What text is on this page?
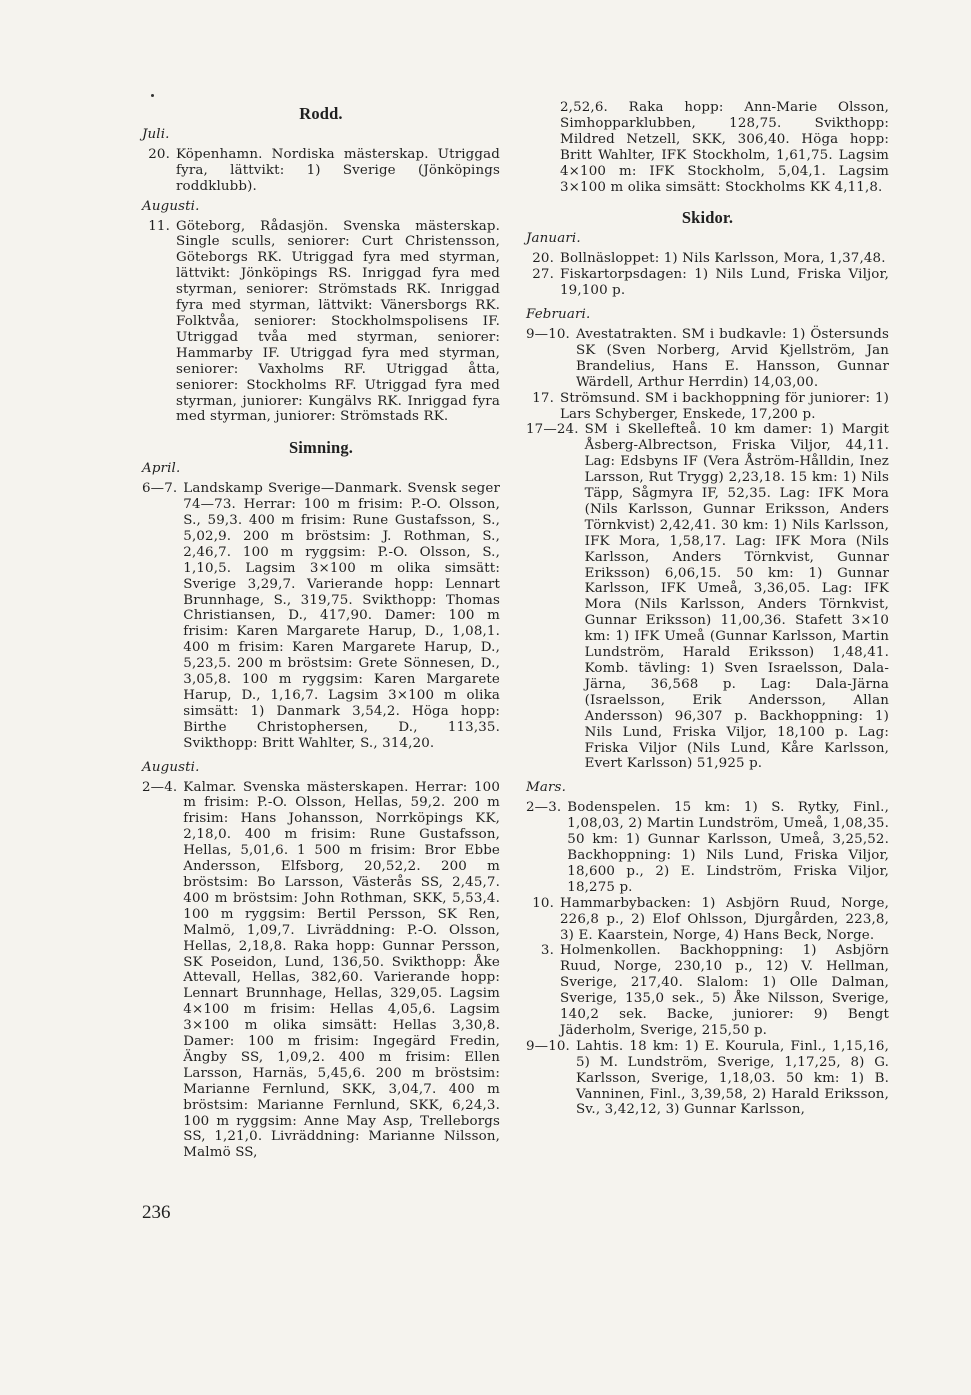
Rodd.
Juli.
20. Köpenhamn. Nordiska mästerskap. Utriggad fyra, lättvikt: 1) Sverige (Jönköpings roddklubb).
Augusti.
11. Göteborg, Rådasjön. Svenska mästerskap. Single sculls, seniorer: Curt Christensson, Göteborgs RK. Utriggad fyra med styrman, lättvikt: Jönköpings RS. Inriggad fyra med styrman, seniorer: Strömstads RK. Inriggad fyra med styrman, lättvikt: Vänersborgs RK. Folktvåa, seniorer: Stockholmspolisens IF. Utriggad tvåa med styrman, seniorer: Hammarby IF. Utriggad fyra med styrman, seniorer: Vaxholms RF. Utriggad åtta, seniorer: Stockholms RF. Utriggad fyra med styrman, juniorer: Kungälvs RK. Inriggad fyra med styrman, juniorer: Strömstads RK.
Simning.
April.
6—7. Landskamp Sverige—Danmark. Svensk seger 74—73. Herrar: 100 m frisim: P.-O. Olsson, S., 59,3. 400 m frisim: Rune Gustafsson, S., 5,02,9. 200 m bröstsim: J. Rothman, S., 2,46,7. 100 m ryggsim: P.-O. Olsson, S., 1,10,5. Lagsim 3×100 m olika simsätt: Sverige 3,29,7. Varierande hopp: Lennart Brunnhage, S., 319,75. Svikthopp: Thomas Christiansen, D., 417,90. Damer: 100 m frisim: Karen Margarete Harup, D., 1,08,1. 400 m frisim: Karen Margarete Harup, D., 5,23,5. 200 m bröstsim: Grete Sönnesen, D., 3,05,8. 100 m ryggsim: Karen Margarete Harup, D., 1,16,7. Lagsim 3×100 m olika simsätt: 1) Danmark 3,54,2. Höga hopp: Birthe Christophersen, D., 113,35. Svikthopp: Britt Wahlter, S., 314,20.
Augusti.
2—4. Kalmar. Svenska mästerskapen. Herrar: 100 m frisim: P.-O. Olsson, Hellas, 59,2. 200 m frisim: Hans Johansson, Norrköpings KK, 2,18,0. 400 m frisim: Rune Gustafsson, Hellas, 5,01,6. 1 500 m frisim: Bror Ebbe Andersson, Elfsborg, 20,52,2. 200 m bröstsim: Bo Larsson, Västerås SS, 2,45,7. 400 m bröstsim: John Rothman, SKK, 5,53,4. 100 m ryggsim: Bertil Persson, SK Ren, Malmö, 1,09,7. Livräddning: P.-O. Olsson, Hellas, 2,18,8. Raka hopp: Gunnar Persson, SK Poseidon, Lund, 136,50. Svikthopp: Åke Attevall, Hellas, 382,60. Varierande hopp: Lennart Brunnhage, Hellas, 329,05. Lagsim 4×100 m frisim: Hellas 4,05,6. Lagsim 3×100 m olika simsätt: Hellas 3,30,8. Damer: 100 m frisim: Ingegärd Fredin, Ängby SS, 1,09,2. 400 m frisim: Ellen Larsson, Harnäs, 5,45,6. 200 m bröstsim: Marianne Fernlund, SKK, 3,04,7. 400 m bröstsim: Marianne Fernlund, SKK, 6,24,3. 100 m ryggsim: Anne May Asp, Trelleborgs SS, 1,21,0. Livräddning: Marianne Nilsson, Malmö SS,
2,52,6. Raka hopp: Ann-Marie Olsson, Simhopparklubben, 128,75. Svikthopp: Mildred Netzell, SKK, 306,40. Höga hopp: Britt Wahlter, IFK Stockholm, 1,61,75. Lagsim 4×100 m: IFK Stockholm, 5,04,1. Lagsim 3×100 m olika simsätt: Stockholms KK 4,11,8.
Skidor.
Januari.
20. Bollnäsloppet: 1) Nils Karlsson, Mora, 1,37,48.
27. Fiskartorpsdagen: 1) Nils Lund, Friska Viljor, 19,100 p.
Februari.
9—10. Avestatrakten. SM i budkavle: 1) Östersunds SK (Sven Norberg, Arvid Kjellström, Jan Brandelius, Hans E. Hansson, Gunnar Wärdell, Arthur Herrdin) 14,03,00.
17. Strömsund. SM i backhoppning för juniorer: 1) Lars Schyberger, Enskede, 17,200 p.
17—24. SM i Skellefteå. 10 km damer: 1) Margit Åsberg-Albrectson, Friska Viljor, 44,11. Lag: Edsbyns IF (Vera Åström-Hålldin, Inez Larsson, Rut Trygg) 2,23,18. 15 km: 1) Nils Täpp, Sågmyra IF, 52,35. Lag: IFK Mora (Nils Karlsson, Gunnar Eriksson, Anders Törnkvist) 2,42,41. 30 km: 1) Nils Karlsson, IFK Mora, 1,58,17. Lag: IFK Mora (Nils Karlsson, Anders Törnkvist, Gunnar Eriksson) 6,06,15. 50 km: 1) Gunnar Karlsson, IFK Umeå, 3,36,05. Lag: IFK Mora (Nils Karlsson, Anders Törnkvist, Gunnar Eriksson) 11,00,36. Stafett 3×10 km: 1) IFK Umeå (Gunnar Karlsson, Martin Lundström, Harald Eriksson) 1,48,41. Komb. tävling: 1) Sven Israelsson, Dala-Järna, 36,568 p. Lag: Dala-Järna (Israelsson, Erik Andersson, Allan Andersson) 96,307 p. Backhoppning: 1) Nils Lund, Friska Viljor, 18,100 p. Lag: Friska Viljor (Nils Lund, Kåre Karlsson, Evert Karlsson) 51,925 p.
Mars.
2—3. Bodenspelen. 15 km: 1) S. Rytky, Finl., 1,08,03, 2) Martin Lundström, Umeå, 1,08,35. 50 km: 1) Gunnar Karlsson, Umeå, 3,25,52. Backhoppning: 1) Nils Lund, Friska Viljor, 18,600 p., 2) E. Lindström, Friska Viljor, 18,275 p.
10. Hammarbybacken: 1) Asbjörn Ruud, Norge, 226,8 p., 2) Elof Ohlsson, Djurgården, 223,8, 3) E. Kaarstein, Norge, 4) Hans Beck, Norge.
3. Holmenkollen. Backhoppning: 1) Asbjörn Ruud, Norge, 230,10 p., 12) V. Hellman, Sverige, 217,40. Slalom: 1) Olle Dalman, Sverige, 135,0 sek., 5) Åke Nilsson, Sverige, 140,2 sek. Backe, juniorer: 9) Bengt Jäderholm, Sverige, 215,50 p.
9—10. Lahtis. 18 km: 1) E. Kourula, Finl., 1,15,16, 5) M. Lundström, Sverige, 1,17,25, 8) G. Karlsson, Sverige, 1,18,03. 50 km: 1) B. Vanninen, Finl., 3,39,58, 2) Harald Eriksson, Sv., 3,42,12, 3) Gunnar Karlsson,
236
